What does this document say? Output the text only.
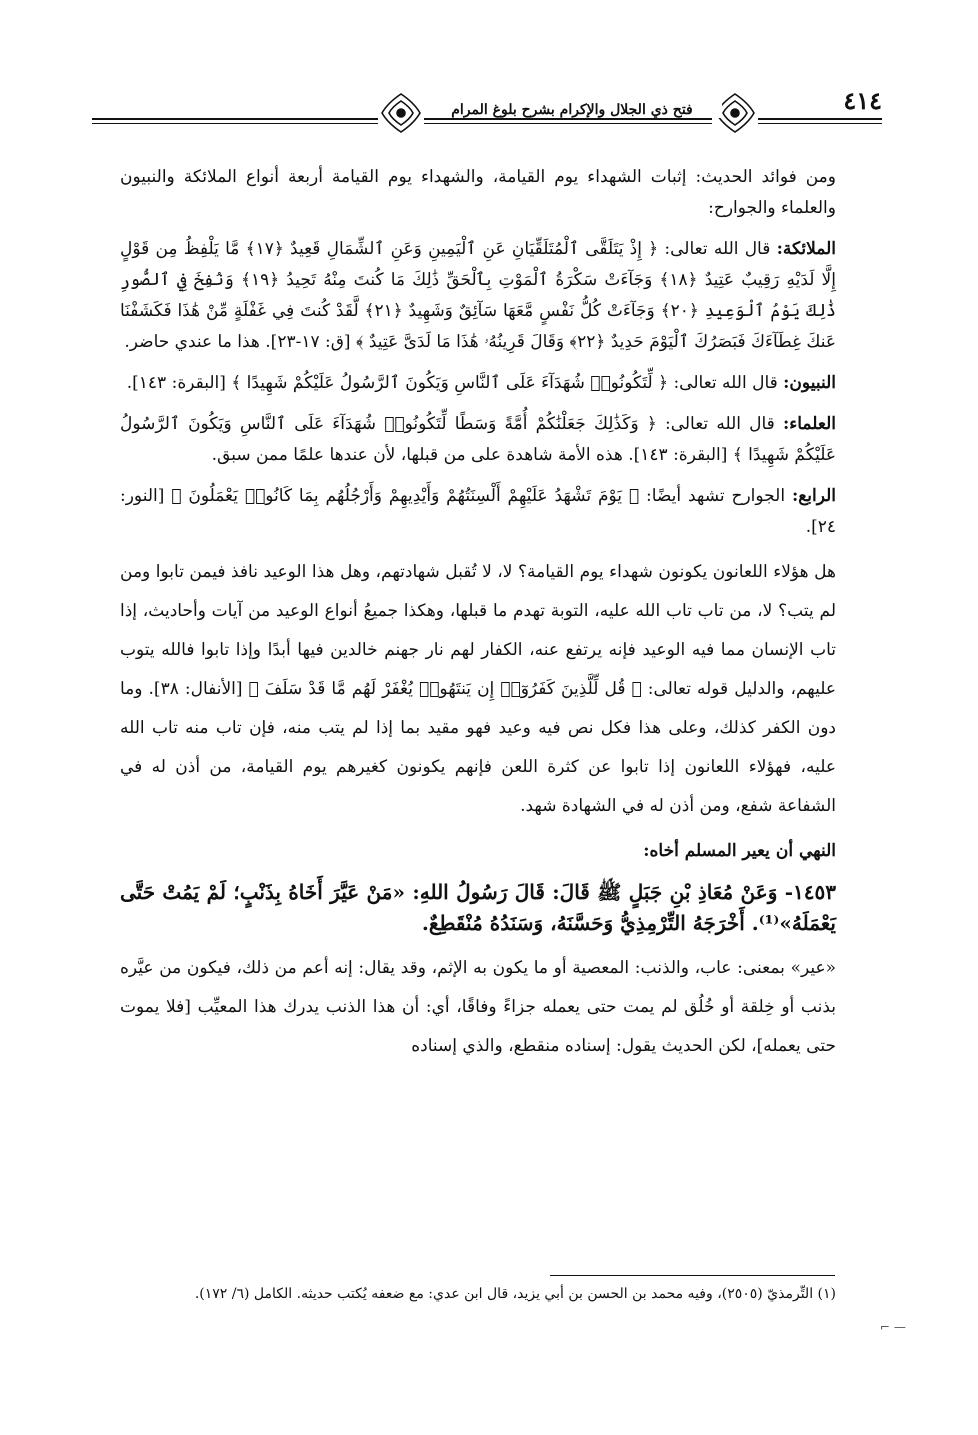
فتح ذي الجلال والإكرام بشرح بلوغ المرام	٤١٤

ومن فوائد الحديث: إثبات الشهداء يوم القيامة، والشهداء يوم القيامة أربعة أنواع الملائكة والنبيون والعلماء والجوارح:

الملائكة: قال الله تعالى: ﴿ إِذْ يَتَلَقَّى ٱلْمُتَلَقِّيَانِ عَنِ ٱلْيَمِينِ وَعَنِ ٱلشِّمَالِ قَعِيدٌ ﴿١٧﴾ مَّا يَلْفِظُ مِن قَوْلٍ إِلَّا لَدَيْهِ رَقِيبٌ عَتِيدٌ ﴿١٨﴾ وَجَآءَتْ سَكْرَةُ ٱلْمَوْتِ بِٱلْحَقِّ ذَٰلِكَ مَا كُنتَ مِنْهُ تَحِيدُ ﴿١٩﴾ وَنُفِخَ فِي ٱلصُّورِ ذَٰلِكَ يَوْمُ ٱلْوَعِيدِ ﴿٢٠﴾ وَجَآءَتْ كُلُّ نَفْسٍ مَّعَهَا سَآئِقٌ وَشَهِيدٌ ﴿٢١﴾ لَّقَدْ كُنتَ فِي غَفْلَةٍ مِّنْ هَٰذَا فَكَشَفْنَا عَنكَ غِطَآءَكَ فَبَصَرُكَ ٱلْيَوْمَ حَدِيدٌ ﴿٢٢﴾ وَقَالَ قَرِينُهُۥ هَٰذَا مَا لَدَىَّ عَتِيدٌ ﴾ [ق: ١٧-٢٣]. هذا ما عندي حاضر.

النبيون: قال الله تعالى: ﴿ لِّتَكُونُوا۟ شُهَدَآءَ عَلَى ٱلنَّاسِ وَيَكُونَ ٱلرَّسُولُ عَلَيْكُمْ شَهِيدًا ﴾ [البقرة: ١٤٣].

العلماء: قال الله تعالى: ﴿ وَكَذَٰلِكَ جَعَلْنَٰكُمْ أُمَّةً وَسَطًا لِّتَكُونُوا۟ شُهَدَآءَ عَلَى ٱلنَّاسِ وَيَكُونَ ٱلرَّسُولُ عَلَيْكُمْ شَهِيدًا ﴾ [البقرة: ١٤٣]. هذه الأمة شاهدة على من قبلها، لأن عندها علمًا ممن سبق.

الرابع: الجوارح تشهد أيضًا: ﴿ يَوْمَ تَشْهَدُ عَلَيْهِمْ أَلْسِنَتُهُمْ وَأَيْدِيهِمْ وَأَرْجُلُهُم بِمَا كَانُوا۟ يَعْمَلُونَ ﴾ [النور: ٢٤].

هل هؤلاء اللعانون يكونون شهداء يوم القيامة؟ لا، لا تُقبل شهادتهم، وهل هذا الوعيد نافذ فيمن تابوا ومن لم يتب؟ لا، من تاب تاب الله عليه، التوبة تهدم ما قبلها، وهكذا جميعُ أنواع الوعيد من آيات وأحاديث، إذا تاب الإنسان مما فيه الوعيد فإنه يرتفع عنه، الكفار لهم نار جهنم خالدين فيها أبدًا وإذا تابوا فالله يتوب عليهم، والدليل قوله تعالى: ﴿ قُل لِّلَّذِينَ كَفَرُوٓا۟ إِن يَنتَهُوا۟ يُغْفَرْ لَهُم مَّا قَدْ سَلَفَ ﴾ [الأنفال: ٣٨]. وما دون الكفر كذلك، وعلى هذا فكل نص فيه وعيد فهو مقيد بما إذا لم يتب منه، فإن تاب منه تاب الله عليه، فهؤلاء اللعانون إذا تابوا عن كثرة اللعن فإنهم يكونون كغيرهم يوم القيامة، من أذن له في الشفاعة شفع، ومن أذن له في الشهادة شهد.

النهي أن يعير المسلم أخاه:

١٤٥٣- وَعَنْ مُعَاذِ بْنِ جَبَلٍ ﷺ قَالَ: قَالَ رَسُولُ اللهِ: «مَنْ عَيَّرَ أَخَاهُ بِذَنْبٍ؛ لَمْ يَمُتْ حَتَّى يَعْمَلَهُ»⁽¹⁾. أَخْرَجَهُ التِّرْمِذِيُّ وَحَسَّنَهُ، وَسَنَدُهُ مُنْقَطِعٌ.

«عير» بمعنى: عاب، والذنب: المعصية أو ما يكون به الإثم، وقد يقال: إنه أعم من ذلك، فيكون من عيَّره بذنب أو خِلقة أو خُلُق لم يمت حتى يعمله جزاءً وفاقًا، أي: أن هذا الذنب يدرك هذا المعيِّب [فلا يموت حتى يعمله]، لكن الحديث يقول: إسناده منقطع، والذي إسناده

(١) التِّرمذيّ (٢٥٠٥)، وفيه محمد بن الحسن بن أبي يزيد، قال ابن عدي: مع ضعفه يُكتب حديثه. الكامل (٦/ ١٧٢).
⌐ —
